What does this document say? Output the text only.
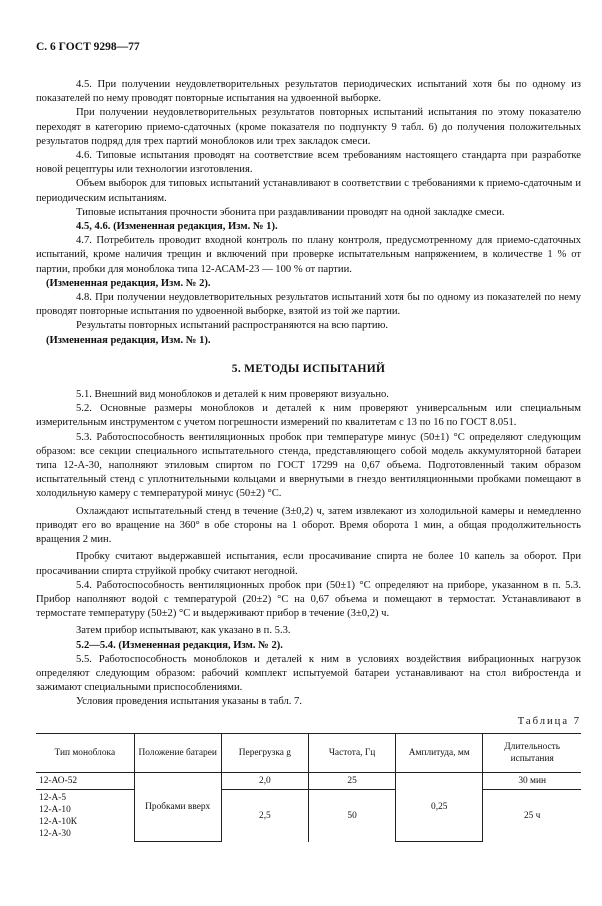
С. 6 ГОСТ 9298—77

4.5. При получении неудовлетворительных результатов периодических испытаний хотя бы по одному из показателей по нему проводят повторные испытания на удвоенной выборке.

При получении неудовлетворительных результатов повторных испытаний испытания по этому показателю переходят в категорию приемо-сдаточных (кроме показателя по подпункту 9 табл. 6) до получения положительных результатов подряд для трех партий моноблоков или трех закладок смеси.

4.6. Типовые испытания проводят на соответствие всем требованиям настоящего стандарта при разработке новой рецептуры или технологии изготовления.

Объем выборок для типовых испытаний устанавливают в соответствии с требованиями к приемо-сдаточным и периодическим испытаниям.

Типовые испытания прочности эбонита при раздавливании проводят на одной закладке смеси.

4.5, 4.6. (Измененная редакция, Изм. № 1).

4.7. Потребитель проводит входной контроль по плану контроля, предусмотренному для приемо-сдаточных испытаний, кроме наличия трещин и включений при проверке испытательным напряжением, в количестве 1 % от партии, пробки для моноблока типа 12-АСАМ-23 — 100 % от партии.

(Измененная редакция, Изм. № 2).

4.8. При получении неудовлетворительных результатов испытаний хотя бы по одному из показателей по нему проводят повторные испытания по удвоенной выборке, взятой из той же партии.

Результаты повторных испытаний распространяются на всю партию.

(Измененная редакция, Изм. № 1).

5. МЕТОДЫ ИСПЫТАНИЙ

5.1. Внешний вид моноблоков и деталей к ним проверяют визуально.

5.2. Основные размеры моноблоков и деталей к ним проверяют универсальным или специальным измерительным инструментом с учетом погрешности измерений по квалитетам с 13 по 16 по ГОСТ 8.051.

5.3. Работоспособность вентиляционных пробок при температуре минус (50±1) °С определяют следующим образом: все секции специального испытательного стенда, представляющего собой модель аккумуляторной батареи типа 12-А-30, наполняют этиловым спиртом по ГОСТ 17299 на 0,67 объема. Подготовленный таким образом испытательный стенд с уплотнительными кольцами и ввернутыми в гнездо вентиляционными пробками помещают в холодильную камеру с температурой минус (50±2) °С.

Охлаждают испытательный стенд в течение (3±0,2) ч, затем извлекают из холодильной камеры и немедленно приводят его во вращение на 360° в обе стороны на 1 оборот. Время оборота 1 мин, а общая продолжительность вращения 2 мин.

Пробку считают выдержавшей испытания, если просачивание спирта не более 10 капель за оборот. При просачивании спирта струйкой пробку считают негодной.

5.4. Работоспособность вентиляционных пробок при (50±1) °С определяют на приборе, указанном в п. 5.3. Прибор наполняют водой с температурой (20±2) °С на 0,67 объема и помещают в термостат. Устанавливают в термостате температуру (50±2) °С и выдерживают прибор в течение (3±0,2) ч.

Затем прибор испытывают, как указано в п. 5.3.

5.2—5.4. (Измененная редакция, Изм. № 2).

5.5. Работоспособность моноблоков и деталей к ним в условиях воздействия вибрационных нагрузок определяют следующим образом: рабочий комплект испытуемой батареи устанавливают на стол вибростенда и зажимают специальными приспособлениями.

Условия проведения испытания указаны в табл. 7.

Таблица 7
Тип моноблока	Положение батареи	Перегрузка g	Частота, Гц	Амплитуда, мм	Длительность испытания
12-АО-52	Пробками вверх	2,0	25	0,25	30 мин

12-А-5
12-А-10
12-А-10К
12-А-30		2,5	50		25 ч
